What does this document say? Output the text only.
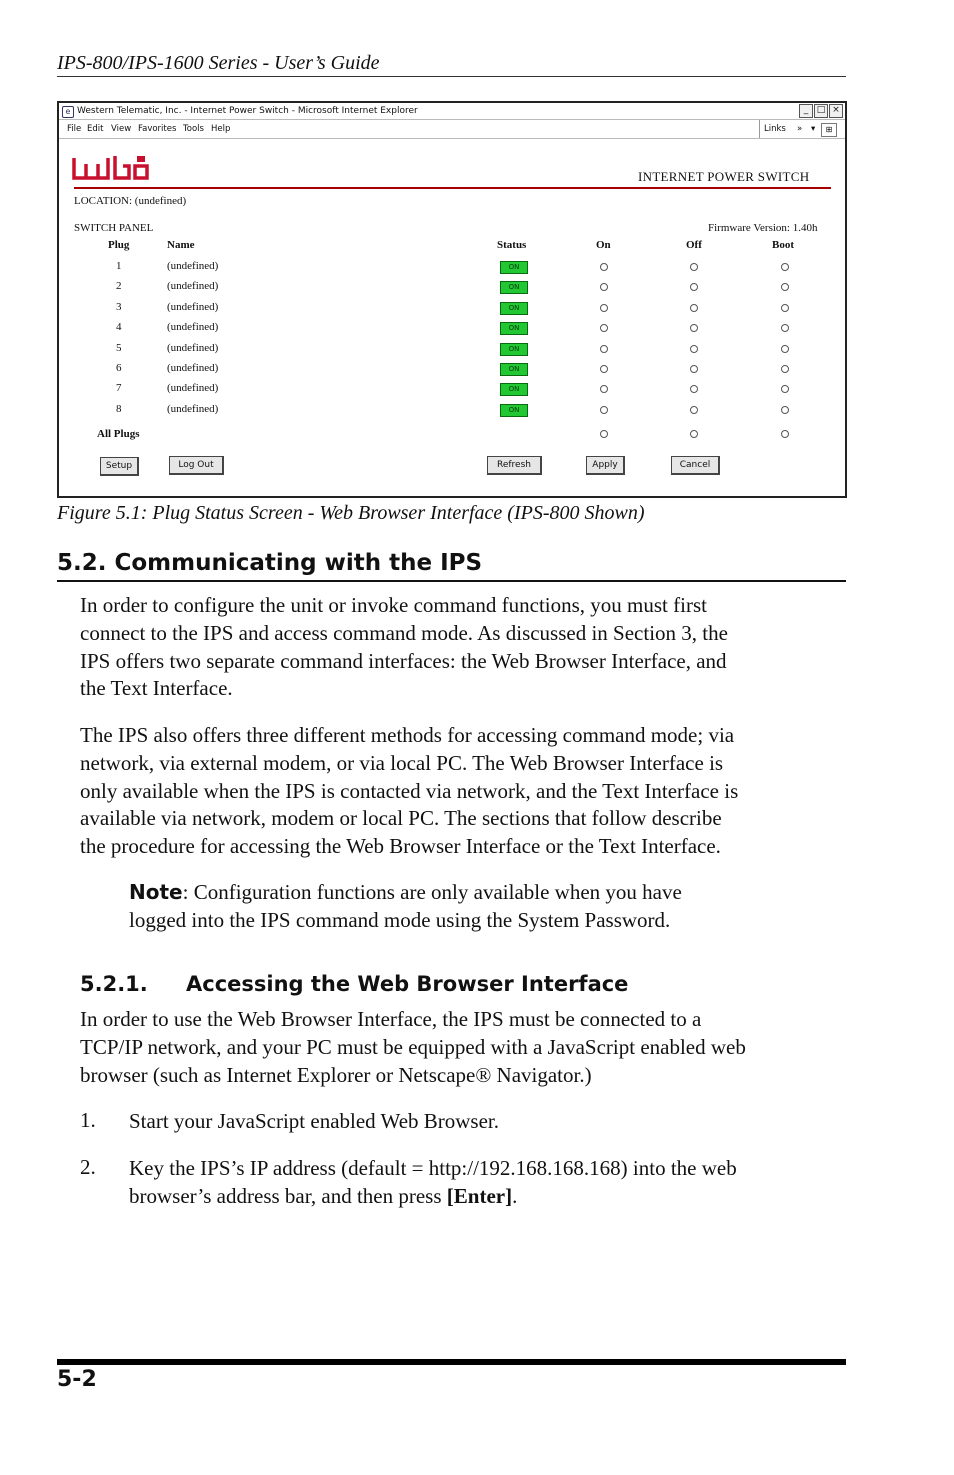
IPS-800/IPS-1600 Series - User’s Guide
e Western Telematic, Inc. - Internet Power Switch - Microsoft Internet Explorer	_ □ ×
File Edit View Favorites Tools Help	Links » ▾	⊞
INTERNET POWER SWITCH
LOCATION: (undefined)
SWITCH PANEL	Firmware Version: 1.40h
Plug	Name	Status	On	Off	Boot
1	(undefined)	ON
2	(undefined)	ON
3	(undefined)	ON
4	(undefined)	ON
5	(undefined)	ON
6	(undefined)	ON
7	(undefined)	ON
8	(undefined)	ON
All Plugs
Setup	Log Out	Refresh	Apply	Cancel
Figure 5.1: Plug Status Screen - Web Browser Interface (IPS-800 Shown)
5.2. Communicating with the IPS
In order to configure the unit or invoke command functions, you must first
connect to the IPS and access command mode. As discussed in Section 3, the
IPS offers two separate command interfaces: the Web Browser Interface, and
the Text Interface.
The IPS also offers three different methods for accessing command mode; via
network, via external modem, or via local PC. The Web Browser Interface is
only available when the IPS is contacted via network, and the Text Interface is
available via network, modem or local PC. The sections that follow describe
the procedure for accessing the Web Browser Interface or the Text Interface.
Note: Configuration functions are only available when you have
logged into the IPS command mode using the System Password.
5.2.1. Accessing the Web Browser Interface
In order to use the Web Browser Interface, the IPS must be connected to a
TCP/IP network, and your PC must be equipped with a JavaScript enabled web
browser (such as Internet Explorer or Netscape® Navigator.)
1. Start your JavaScript enabled Web Browser.
2. Key the IPS’s IP address (default = http://192.168.168.168) into the web
browser’s address bar, and then press [Enter].
5-2
